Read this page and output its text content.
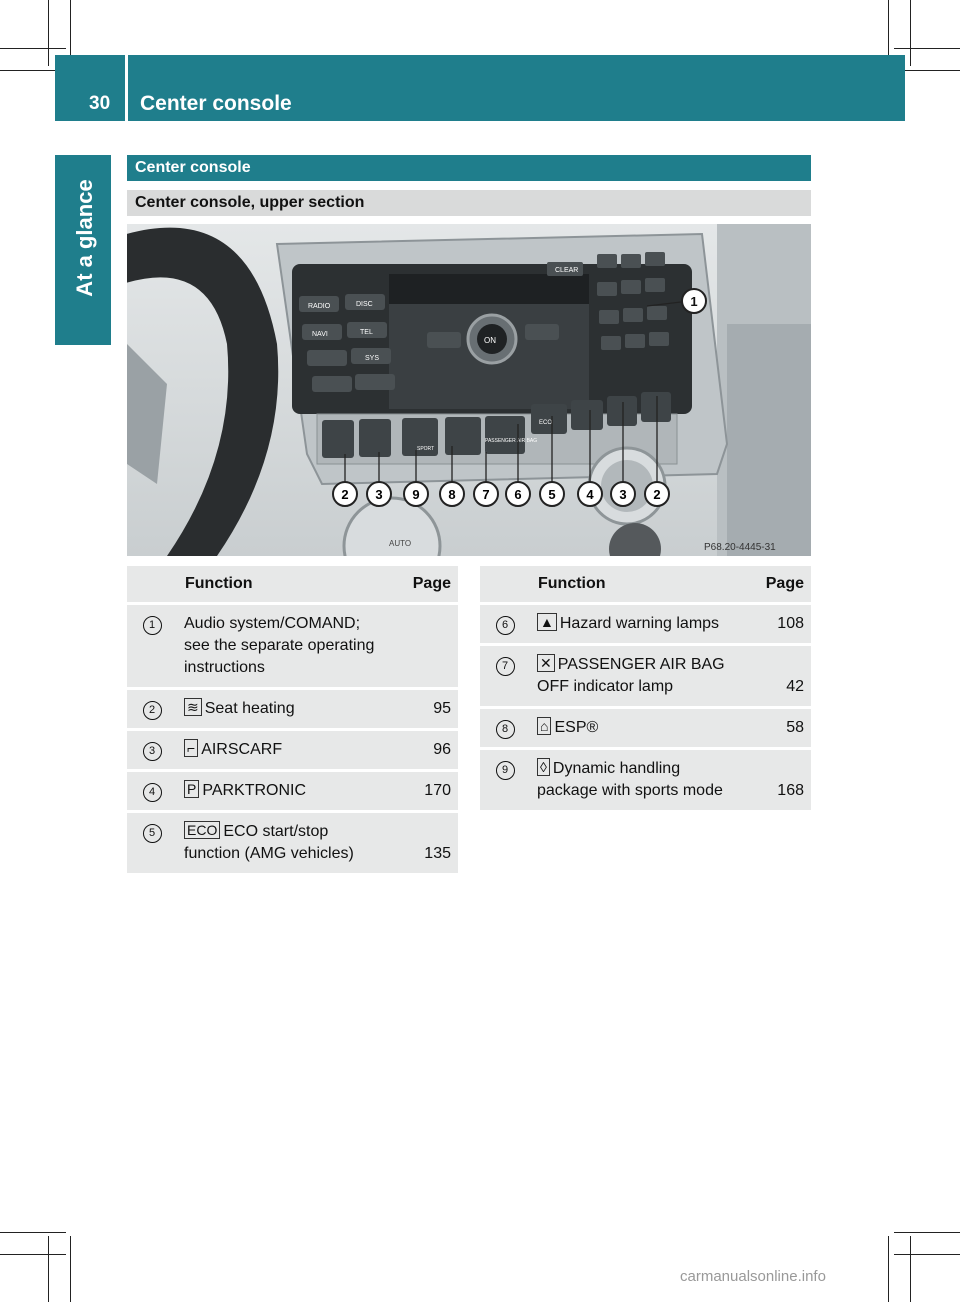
30 Center console
At a glance
Center console
Center console, upper section
ON
CLEAR
RADIO	DISC
NAVI	TEL
SYS
SPORT
ECO
PASSENGER AIR BAG
AUTO
2 3 9 8 7 6 5 4 3 2
1
P68.20-4445-31
	Function	Page
1	Audio system/COMAND; see the separate operating instructions	
2	≋ Seat heating	95
3	⌐ AIRSCARF	96
4	P PARKTRONIC	170
5	ECO ECO start/stop function (AMG vehicles)	135
	Function	Page
6	▲ Hazard warning lamps	108
7	✕ PASSENGER AIR BAG OFF indicator lamp	42
8	⌂ ESP®	58
9	◊ Dynamic handling package with sports mode	168
carmanualsonline.info
